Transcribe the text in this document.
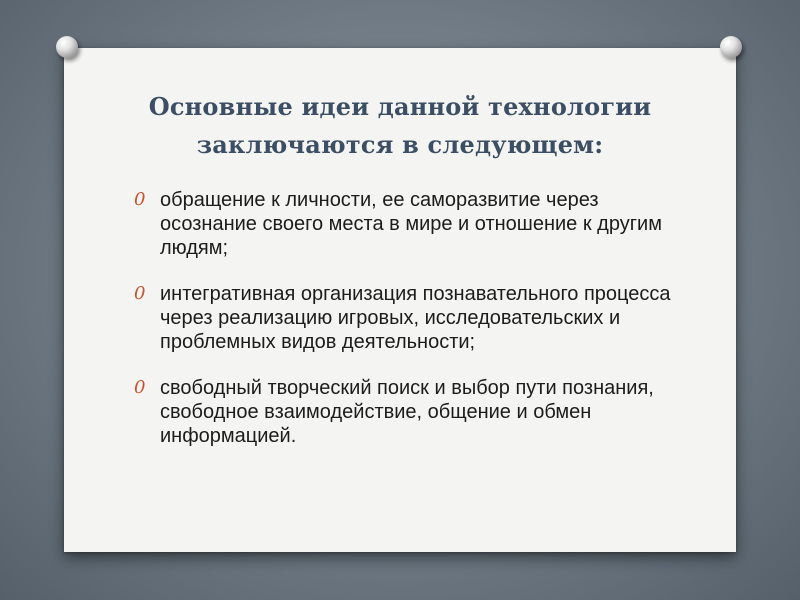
Основные идеи данной технологии
заключаются в следующем:
0 обращение к личности, ее саморазвитие через осознание своего места в мире и отношение к другим людям;
0 интегративная организация познавательного процесса через реализацию игровых, исследовательских и проблемных видов деятельности;
0 свободный творческий поиск и выбор пути познания, свободное взаимодействие, общение и обмен информацией.
